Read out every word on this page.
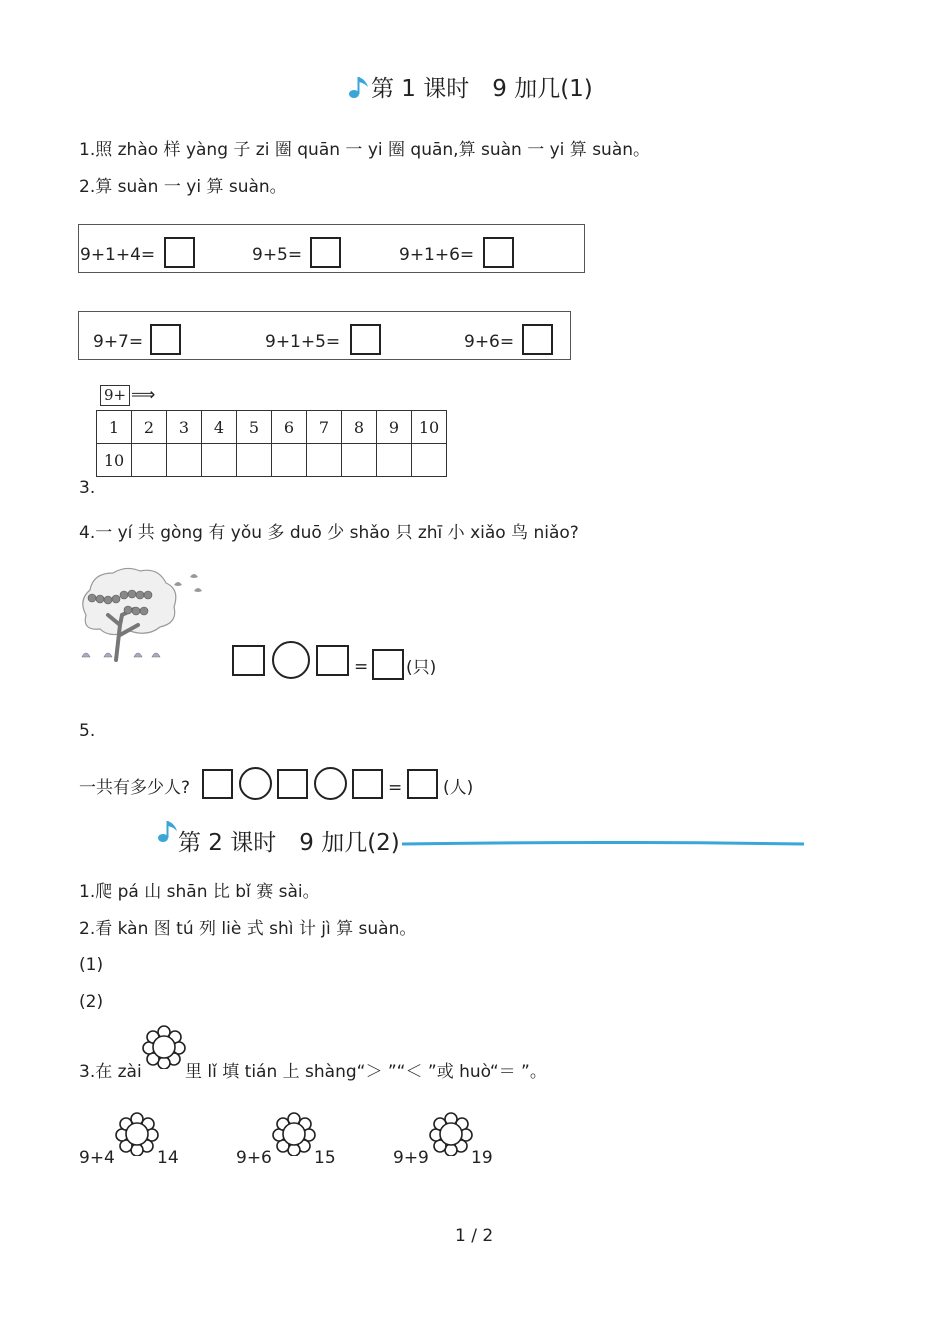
第 1 课时　9 加几(1)
1.照 zhào 样 yàng 子 zi 圈 quān 一 yi 圈 quān,算 suàn 一 yi 算 suàn。
2.算 suàn 一 yi 算 suàn。
9+1+4=	9+5=	9+1+6=
9+7=	9+1+5=	9+6=
9+ ⟹
1	2	3	4	5	6	7	8	9	10
10									
3.
4.一 yí 共 gòng 有 yǒu 多 duō 少 shǎo 只 zhī 小 xiǎo 鸟 niǎo?
= (只)
5.
一共有多少人?	= (人)
第 2 课时　9 加几(2)
1.爬 pá 山 shān 比 bǐ 赛 sài。
2.看 kàn 图 tú 列 liè 式 shì 计 jì 算 suàn。
(1)
(2)
3.在 zài	里 lǐ 填 tián 上 shàng“＞ ”“＜ ”或 huò“＝ ”。
9+4 14	9+6 15	9+9 19
1 / 2
